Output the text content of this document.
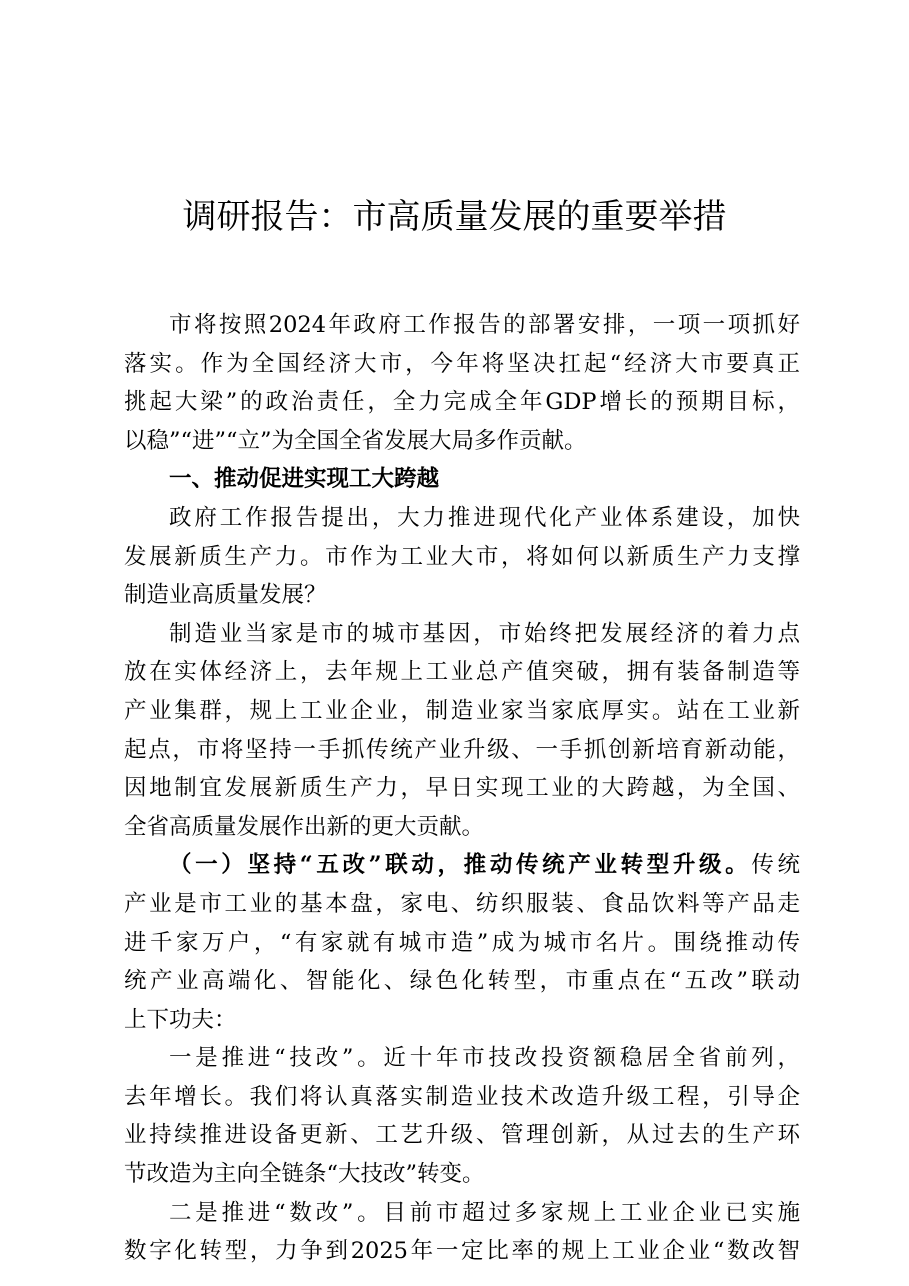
调研报告：市高质量发展的重要举措
市将按照2024年政府工作报告的部署安排，一项一项抓好
落实。作为全国经济大市，今年将坚决扛起“经济大市要真正
挑起大梁”的政治责任，全力完成全年GDP增长的预期目标，
以稳”“进”“立”为全国全省发展大局多作贡献。
一、推动促进实现工大跨越
政府工作报告提出，大力推进现代化产业体系建设，加快
发展新质生产力。市作为工业大市，将如何以新质生产力支撑
制造业高质量发展？
制造业当家是市的城市基因，市始终把发展经济的着力点
放在实体经济上，去年规上工业总产值突破，拥有装备制造等
产业集群，规上工业企业，制造业家当家底厚实。站在工业新
起点，市将坚持一手抓传统产业升级、一手抓创新培育新动能，
因地制宜发展新质生产力，早日实现工业的大跨越，为全国、
全省高质量发展作出新的更大贡献。
（一）坚持“五改”联动，推动传统产业转型升级。传统
产业是市工业的基本盘，家电、纺织服装、食品饮料等产品走
进千家万户，“有家就有城市造”成为城市名片。围绕推动传
统产业高端化、智能化、绿色化转型，市重点在“五改”联动
上下功夫：
一是推进“技改”。近十年市技改投资额稳居全省前列，
去年增长。我们将认真落实制造业技术改造升级工程，引导企
业持续推进设备更新、工艺升级、管理创新，从过去的生产环
节改造为主向全链条“大技改”转变。
二是推进“数改”。目前市超过多家规上工业企业已实施
数字化转型，力争到2025年一定比率的规上工业企业“数改智
